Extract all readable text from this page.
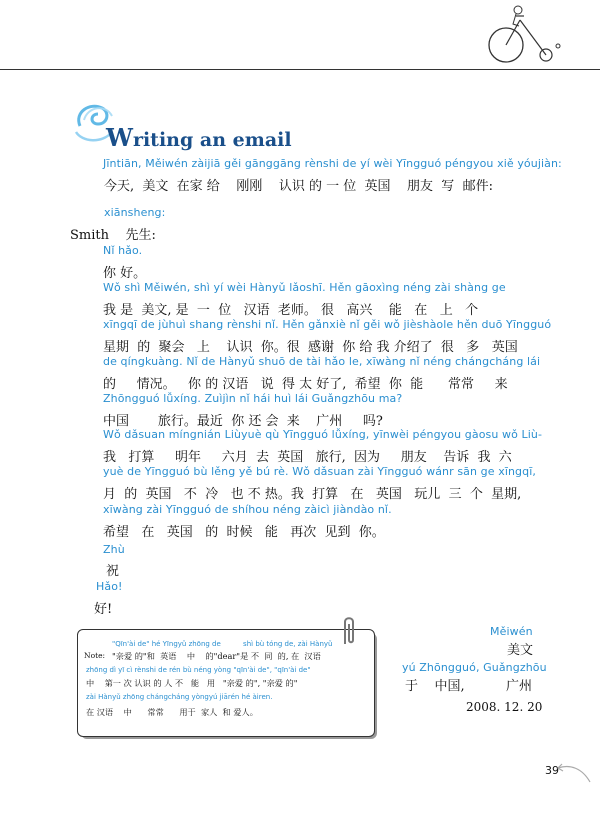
Writing an email
Jīntiān, Měiwén zàijiā gěi gānggāng rènshi de yí wèi Yīngguó péngyou xiě yóujiàn:
今天,  美文  在家 给    刚刚    认识 的 一 位  英国    朋友  写  邮件:
xiānsheng:
Smith    先生:
Nǐ hǎo.
你 好。
Wǒ shì Měiwén, shì yí wèi Hànyǔ lǎoshī. Hěn gāoxìng néng zài shàng ge
我 是  美文, 是  一  位   汉语  老师。 很   高兴    能   在   上   个
xīngqī de jùhuì shang rènshi nǐ. Hěn gǎnxiè nǐ gěi wǒ jièshàole hěn duō Yīngguó
星期  的  聚会   上    认识  你。很  感谢  你 给 我 介绍了  很   多   英国
de qíngkuàng. Nǐ de Hànyǔ shuō de tài hǎo le, xīwàng nǐ néng chángcháng lái
的     情况。   你 的 汉语   说  得 太 好了,  希望  你  能      常常     来
Zhōngguó lǚxíng. Zuìjìn nǐ hái huì lái Guǎngzhōu ma?
中国       旅行。最近  你 还 会  来    广州     吗?
Wǒ dǎsuan míngnián Liùyuè qù Yīngguó lǚxíng, yīnwèi péngyou gàosu wǒ Liù-
我   打算     明年     六月  去  英国   旅行,  因为     朋友    告诉  我  六
yuè de Yīngguó bù lěng yě bú rè. Wǒ dǎsuan zài Yīngguó wánr sān ge xīngqī,
月  的  英国   不  冷   也 不 热。我  打算   在   英国   玩儿  三  个  星期,
xīwàng zài Yīngguó de shíhou néng zàicì jiàndào nǐ.
希望   在   英国   的  时候   能   再次  见到  你。
Zhù
祝
Hǎo!
好!
Note:
"Qīn'ài de" hé Yīngyǔ zhōng de          shì bù tóng de, zài Hànyǔ
"亲爱 的"和  英语    中    的"dear"是 不  同  的, 在  汉语
zhōng dì yī cì rènshi de rén bù néng yòng "qīn'ài de", "qīn'ài de"
中    第一 次 认识 的 人 不   能   用   "亲爱 的", "亲爱 的"
zài Hànyǔ zhōng chángcháng yòngyú jiārén hé àiren.
在 汉语    中      常常      用于  家人  和 爱人。
Měiwén
美文
yú Zhōngguó, Guǎngzhōu
于    中国,          广州
2008. 12. 20
39
